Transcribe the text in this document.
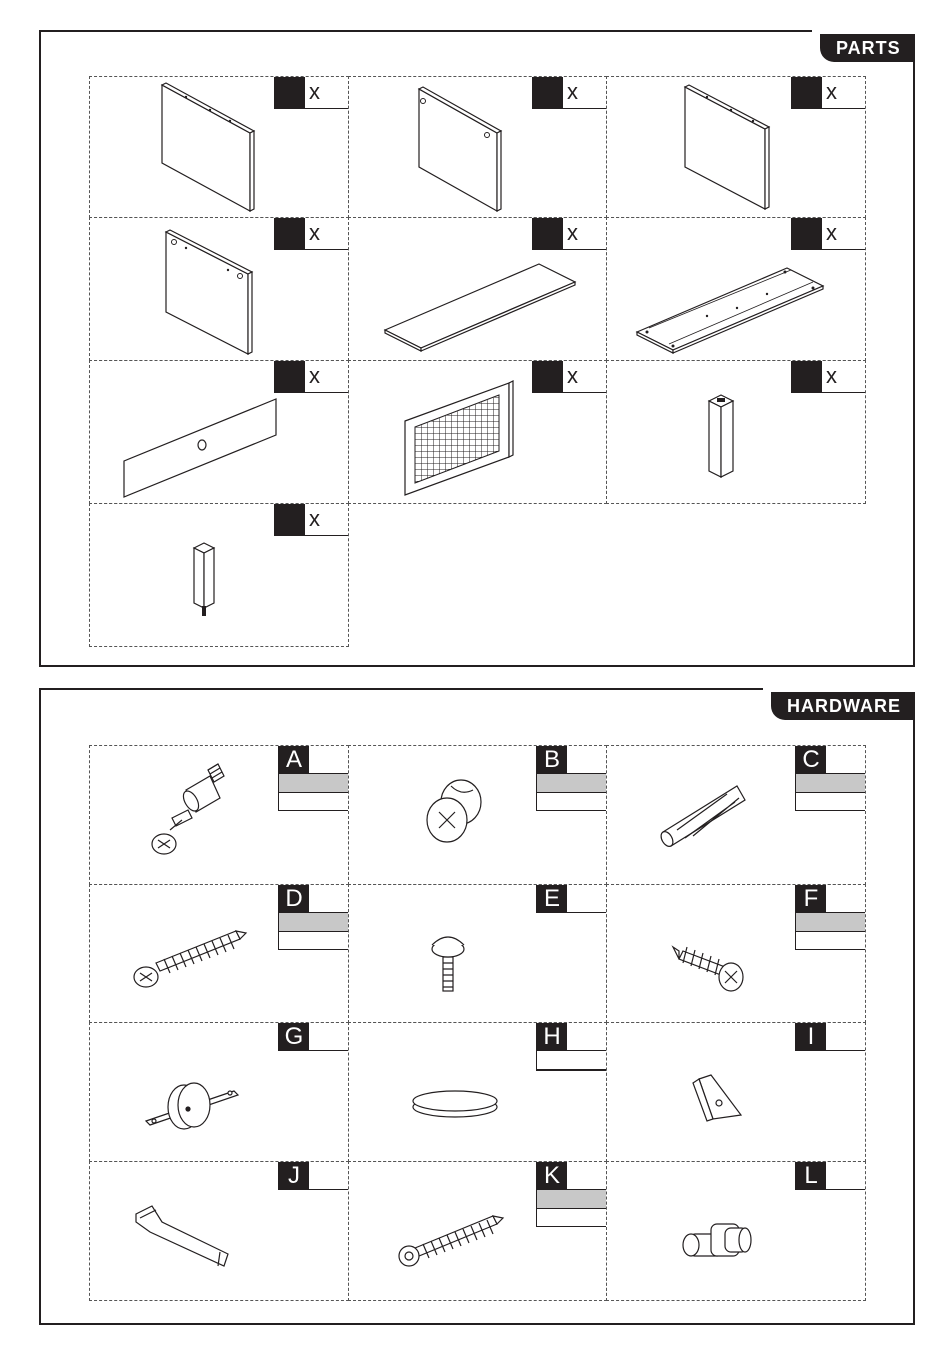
PARTS
HARDWARE
x	x	x
x	x	x
x	x	x
x
A	B	C
D	E	F
G	H	I
J	K	L
